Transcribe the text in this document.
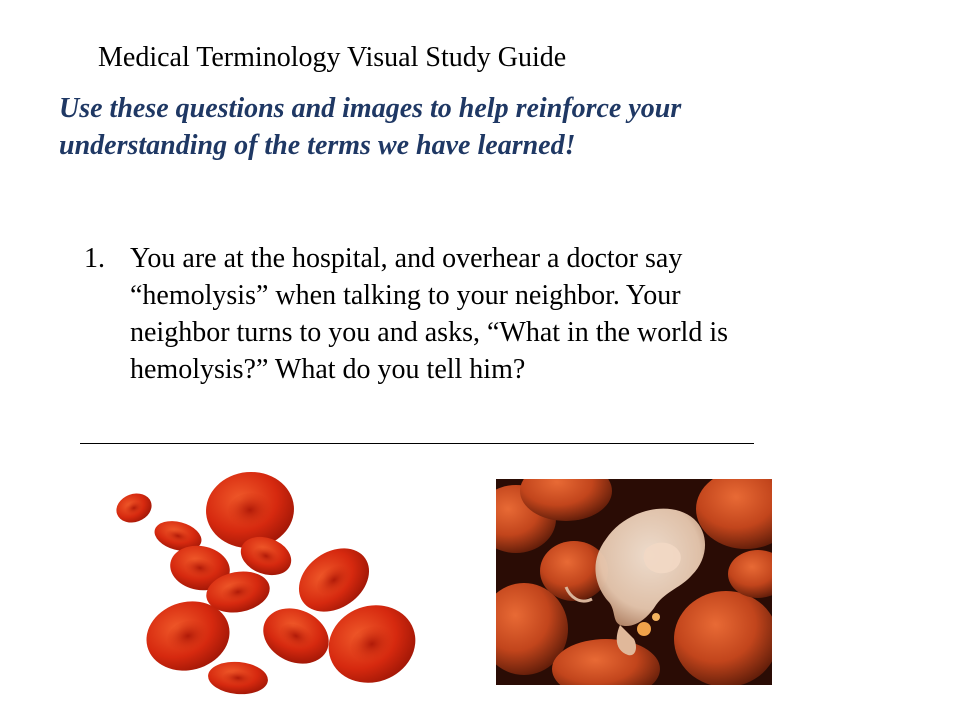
Medical Terminology Visual Study Guide
Use these questions and images to help reinforce your
understanding of the terms we have learned!
1. You are at the hospital, and overhear a doctor say
“hemolysis” when talking to your neighbor. Your
neighbor turns to you and asks, “What in the world is
hemolysis?” What do you tell him?
